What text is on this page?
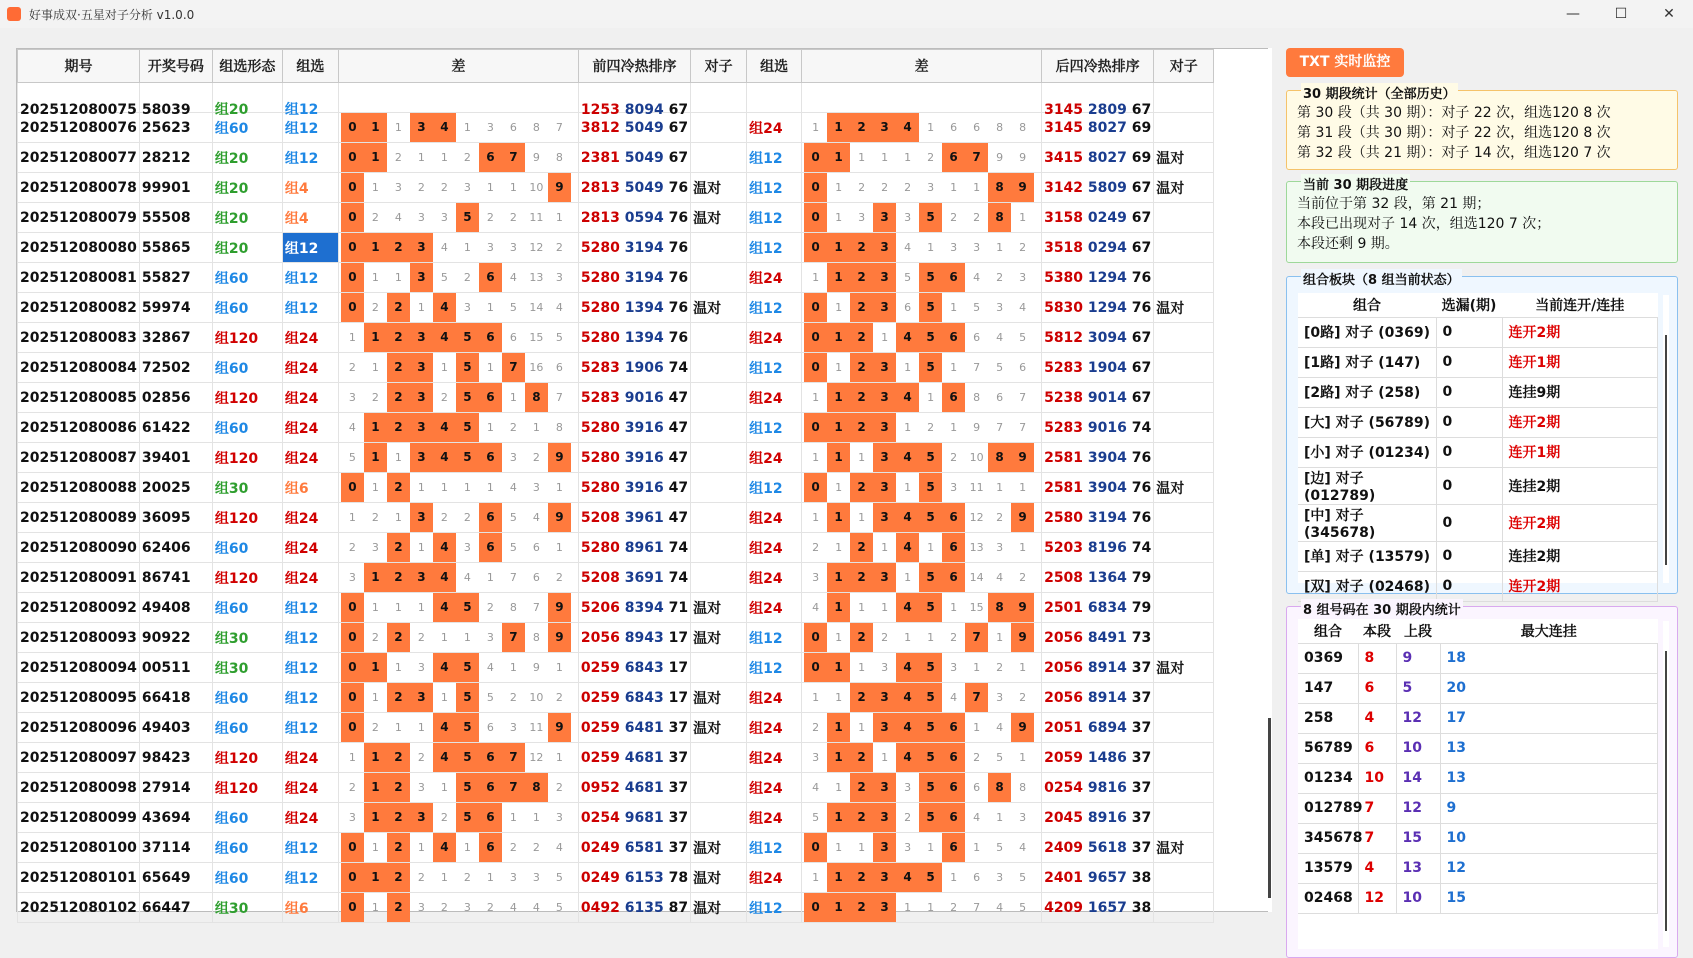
好事成双·五星对子分析 v1.0.0	—	☐	✕
期号	开奖号码	组选形态	组选	差	前四冷热排序	对子	组选	差	后四冷热排序	对子
202512080075	58039	组20	组12		1253 8094 67				3145 2809 67	
202512080076	25623	组60	组12	0 1 1 3 4 1 3 6 8 7	3812 5049 67		组24	1 1 2 3 4 1 6 6 8 8	3145 8027 69	
202512080077	28212	组20	组12	0 1 2 1 1 2 6 7 9 8	2381 5049 67		组12	0 1 1 1 1 2 6 7 9 9	3415 8027 69	温对
202512080078	99901	组20	组4	0 1 3 2 2 3 1 1 10 9	2813 5049 76	温对	组12	0 1 2 2 2 3 1 1 8 9	3142 5809 67	温对
202512080079	55508	组20	组4	0 2 4 3 3 5 2 2 11 1	2813 0594 76	温对	组12	0 1 3 3 3 5 2 2 8 1	3158 0249 67	
202512080080	55865	组20	组12	0 1 2 3 4 1 3 3 12 2	5280 3194 76		组12	0 1 2 3 4 1 3 3 1 2	3518 0294 67	
202512080081	55827	组60	组12	0 1 1 3 5 2 6 4 13 3	5280 3194 76		组24	1 1 2 3 5 5 6 4 2 3	5380 1294 76	
202512080082	59974	组60	组12	0 2 2 1 4 3 1 5 14 4	5280 1394 76	温对	组12	0 1 2 3 6 5 1 5 3 4	5830 1294 76	温对
202512080083	32867	组120	组24	1 1 2 3 4 5 6 6 15 5	5280 1394 76		组24	0 1 2 1 4 5 6 6 4 5	5812 3094 67	
202512080084	72502	组60	组24	2 1 2 3 1 5 1 7 16 6	5283 1906 74		组12	0 1 2 3 1 5 1 7 5 6	5283 1904 67	
202512080085	02856	组120	组24	3 2 2 3 2 5 6 1 8 7	5283 9016 47		组24	1 1 2 3 4 1 6 8 6 7	5238 9014 67	
202512080086	61422	组60	组24	4 1 2 3 4 5 1 2 1 8	5280 3916 47		组12	0 1 2 3 1 2 1 9 7 7	5283 9016 74	
202512080087	39401	组120	组24	5 1 1 3 4 5 6 3 2 9	5280 3916 47		组24	1 1 1 3 4 5 2 10 8 9	2581 3904 76	
202512080088	20025	组30	组6	0 1 2 1 1 1 1 4 3 1	5280 3916 47		组12	0 1 2 3 1 5 3 11 1 1	2581 3904 76	温对
202512080089	36095	组120	组24	1 2 1 3 2 2 6 5 4 9	5208 3961 47		组24	1 1 1 3 4 5 6 12 2 9	2580 3194 76	
202512080090	62406	组60	组24	2 3 2 1 4 3 6 5 6 1	5280 8961 74		组24	2 1 2 1 4 1 6 13 3 1	5203 8196 74	
202512080091	86741	组120	组24	3 1 2 3 4 4 1 7 6 2	5208 3691 74		组24	3 1 2 3 1 5 6 14 4 2	2508 1364 79	
202512080092	49408	组60	组12	0 1 1 1 4 5 2 8 7 9	5206 8394 71	温对	组24	4 1 1 1 4 5 1 15 8 9	2501 6834 79	
202512080093	90922	组30	组12	0 2 2 2 1 1 3 7 8 9	2056 8943 17	温对	组12	0 1 2 2 1 1 2 7 1 9	2056 8491 73	
202512080094	00511	组30	组12	0 1 1 3 4 5 4 1 9 1	0259 6843 17		组12	0 1 1 3 4 5 3 1 2 1	2056 8914 37	温对
202512080095	66418	组60	组12	0 1 2 3 1 5 5 2 10 2	0259 6843 17	温对	组24	1 1 2 3 4 5 4 7 3 2	2056 8914 37	
202512080096	49403	组60	组12	0 2 1 1 4 5 6 3 11 9	0259 6481 37	温对	组24	2 1 1 3 4 5 6 1 4 9	2051 6894 37	
202512080097	98423	组120	组24	1 1 2 2 4 5 6 7 12 1	0259 4681 37		组24	3 1 2 1 4 5 6 2 5 1	2059 1486 37	
202512080098	27914	组120	组24	2 1 2 3 1 5 6 7 8 2	0952 4681 37		组24	4 1 2 3 3 5 6 6 8 8	0254 9816 37	
202512080099	43694	组60	组24	3 1 2 3 2 5 6 1 1 3	0254 9681 37		组24	5 1 2 3 2 5 6 4 1 3	2045 8916 37	
202512080100	37114	组60	组12	0 1 2 1 4 1 6 2 2 4	0249 6581 37	温对	组12	0 1 1 3 3 1 6 1 5 4	2409 5618 37	温对
202512080101	65649	组60	组12	0 1 2 2 1 2 1 3 3 5	0249 6153 78	温对	组24	1 1 2 3 4 5 1 6 3 5	2401 9657 38	
202512080102	66447	组30	组6	0 1 2 3 2 3 2 4 4 5	0492 6135 87	温对	组12	0 1 2 3 1 1 2 7 4 5	4209 1657 38	
TXT 实时监控
30 期段统计（全部历史）
第 30 段（共 30 期）：对子 22 次，组选120 8 次
第 31 段（共 30 期）：对子 22 次，组选120 8 次
第 32 段（共 21 期）：对子 14 次，组选120 7 次
当前 30 期段进度
当前位于第 32 段，第 21 期；
本段已出现对子 14 次，组选120 7 次；
本段还剩 9 期。
组合板块（8 组当前状态）
组合	选漏(期)	当前连开/连挂
[0路] 对子 (0369)	0	连开2期
[1路] 对子 (147)	0	连开1期
[2路] 对子 (258)	0	连挂9期
[大] 对子 (56789)	0	连开2期
[小] 对子 (01234)	0	连开1期
[边] 对子 (012789)	0	连挂2期
[中] 对子 (345678)	0	连开2期
[单] 对子 (13579)	0	连挂2期
[双] 对子 (02468)	0	连开2期
8 组号码在 30 期段内统计
组合	本段	上段	最大连挂
0369	8	9	18
147	6	5	20
258	4	12	17
56789	6	10	13
01234	10	14	13
012789	7	12	9
345678	7	15	10
13579	4	13	12
02468	12	10	15
